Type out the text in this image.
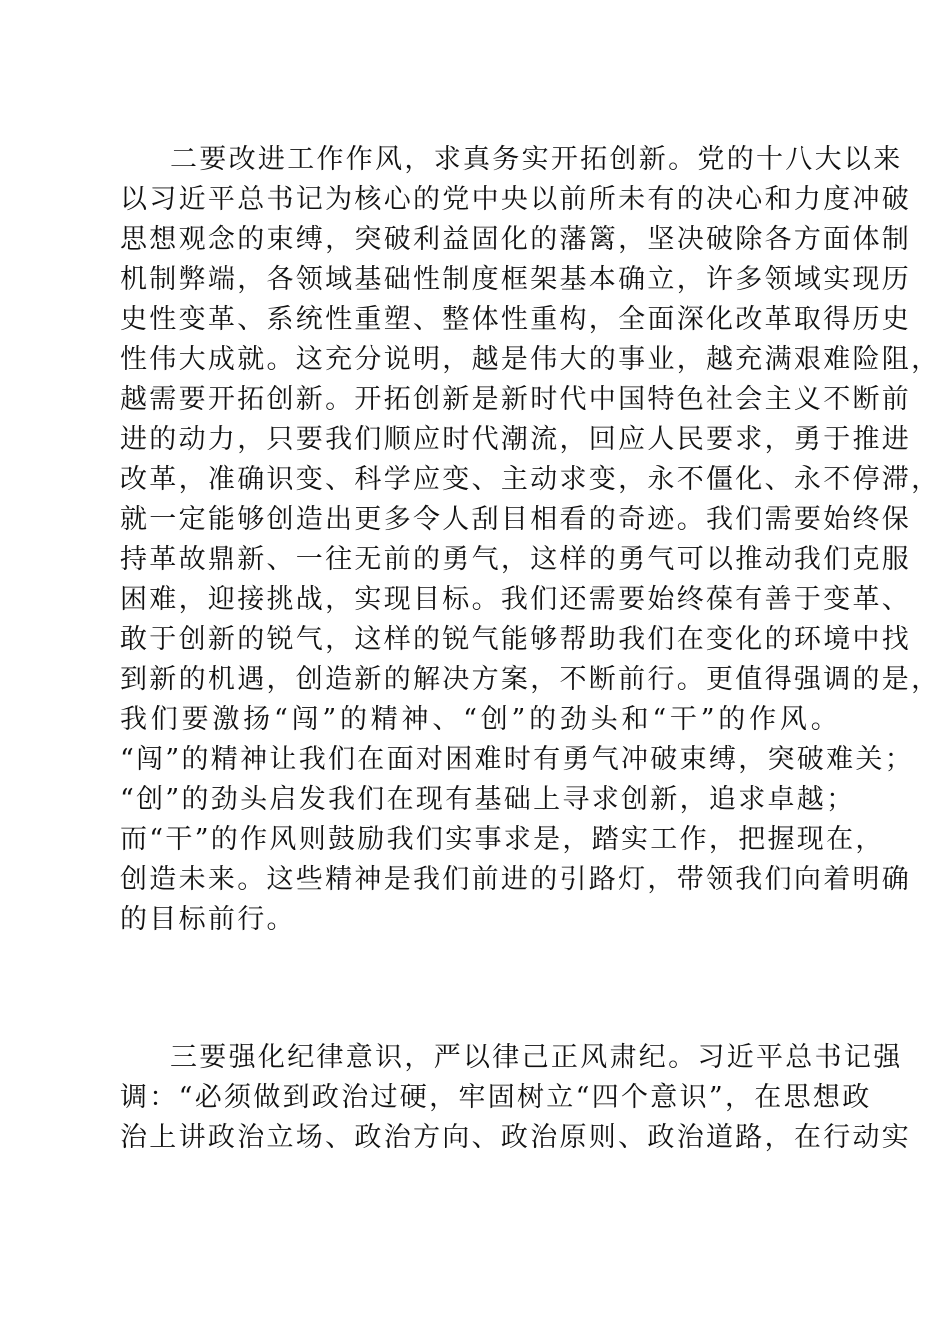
二要改进工作作风，求真务实开拓创新。党的十八大以来
以习近平总书记为核心的党中央以前所未有的决心和力度冲破
思想观念的束缚，突破利益固化的藩篱，坚决破除各方面体制
机制弊端，各领域基础性制度框架基本确立，许多领域实现历
史性变革、系统性重塑、整体性重构，全面深化改革取得历史
性伟大成就。这充分说明，越是伟大的事业，越充满艰难险阻，
越需要开拓创新。开拓创新是新时代中国特色社会主义不断前
进的动力，只要我们顺应时代潮流，回应人民要求，勇于推进
改革，准确识变、科学应变、主动求变，永不僵化、永不停滞，
就一定能够创造出更多令人刮目相看的奇迹。我们需要始终保
持革故鼎新、一往无前的勇气，这样的勇气可以推动我们克服
困难，迎接挑战，实现目标。我们还需要始终葆有善于变革、
敢于创新的锐气，这样的锐气能够帮助我们在变化的环境中找
到新的机遇，创造新的解决方案，不断前行。更值得强调的是，
我们要激扬“闯”的精神、“创”的劲头和“干”的作风。
“闯”的精神让我们在面对困难时有勇气冲破束缚，突破难关；
“创”的劲头启发我们在现有基础上寻求创新，追求卓越；
而“干”的作风则鼓励我们实事求是，踏实工作，把握现在，
创造未来。这些精神是我们前进的引路灯，带领我们向着明确
的目标前行。
三要强化纪律意识，严以律己正风肃纪。习近平总书记强
调：“必须做到政治过硬，牢固树立“四个意识”，在思想政
治上讲政治立场、政治方向、政治原则、政治道路，在行动实
